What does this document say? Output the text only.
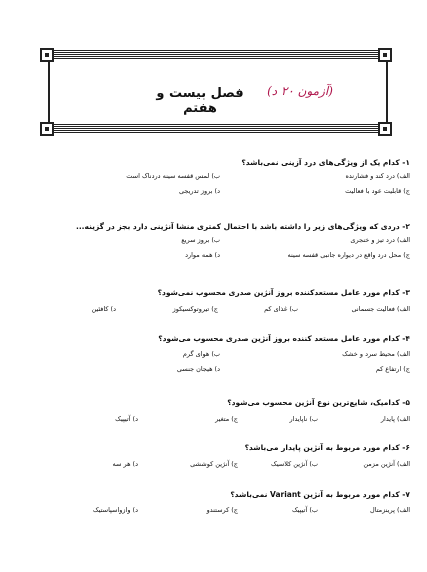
فصل بیست و هفتم
(آزمون ۲۰ د)

۱- کدام یک از ویژگی‌های درد آزینی نمی‌باشد؟

الف) درد کند و فشارنده
ب) لمس قفسه سینه دردناک است
ج) قابلیت عود با فعالیت
د) بروز تدریجی

۲- دردی که ویژگی‌های زیر را داشته باشد با احتمال کمتری منشا آنژینی دارد بجز در گزینه...

الف) درد تیز و خنجری
ب) بروز سریع
ج) محل درد واقع در دیواره جانبی قفسه سینه
د) همه موارد

۳- کدام مورد عامل مستعدکننده بروز آنژین صدری محسوب نمی‌شود؟

الف) فعالیت جسمانی
ب) غذای کم
ج) تیروتوکسیکوز
د) کافئین

۴- کدام مورد عامل مستعد کننده بروز آنژین صدری محسوب می‌شود؟

الف) محیط سرد و خشک
ب) هوای گرم
ج) ارتفاع کم
د) هیجان جنسی

۵- کدامیک، شایع‌ترین نوع آنژین محسوب می‌شود؟

الف) پایدار
ب) ناپایدار
ج) متغیر
د) آتیپیک

۶- کدام مورد مربوط به آنژین پایدار می‌باشد؟

الف) آنژین مزمن
ب) آنژین کلاسیک
ج) آنژین کوششی
د) هر سه

۷- کدام مورد مربوط به آنژین Variant نمی‌باشد؟

الف) پرینزمتال
ب) آتیپیک
ج) کرستندو
د) وازواسپاستیک
